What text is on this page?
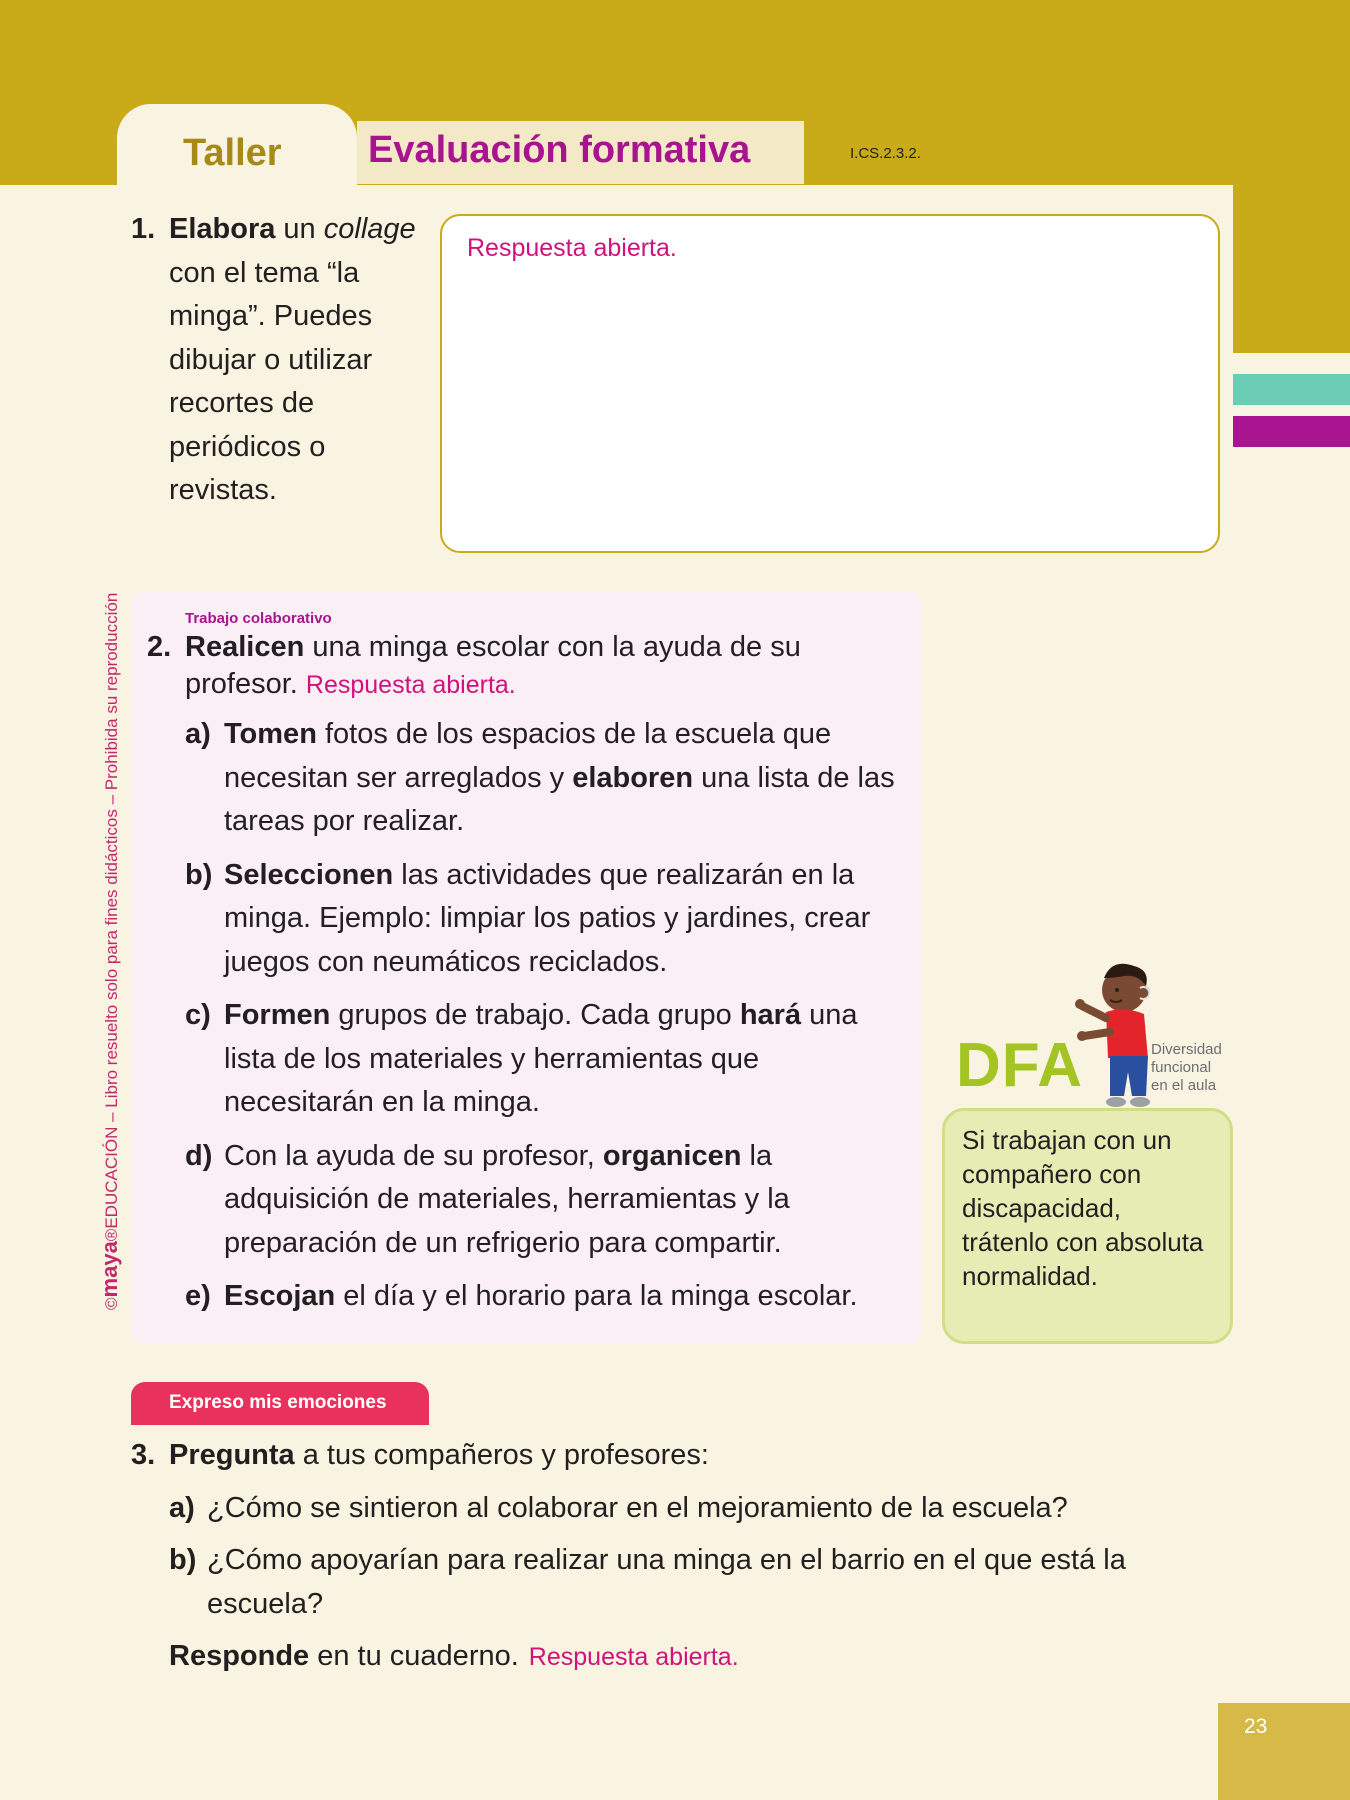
Taller Evaluación formativa	I.CS.2.3.2.
©maya®EDUCACIÓN – Libro resuelto solo para fines didácticos – Prohibida su reproducción
1. Elabora un collage con el tema “la minga”. Puedes dibujar o utilizar recortes de periódicos o revistas.
Respuesta abierta.
Trabajo colaborativo
2. Realicen una minga escolar con la ayuda de su profesor. Respuesta abierta.
a) Tomen fotos de los espacios de la escuela que necesitan ser arreglados y elaboren una lista de las tareas por realizar.
b) Seleccionen las actividades que realizarán en la minga. Ejemplo: limpiar los patios y jardines, crear juegos con neumáticos reciclados.
c) Formen grupos de trabajo. Cada grupo hará una lista de los materiales y herramientas que necesitarán en la minga.
d) Con la ayuda de su profesor, organicen la adquisición de materiales, herramientas y la preparación de un refrigerio para compartir.
e) Escojan el día y el horario para la minga escolar.
DFA	Diversidad
funcional
en el aula
Si trabajan con un compañero con discapacidad, trátenlo con absoluta normalidad.
Expreso mis emociones
3. Pregunta a tus compañeros y profesores:
a) ¿Cómo se sintieron al colaborar en el mejoramiento de la escuela?
b) ¿Cómo apoyarían para realizar una minga en el barrio en el que está la escuela?
Responde en tu cuaderno. Respuesta abierta.
23
